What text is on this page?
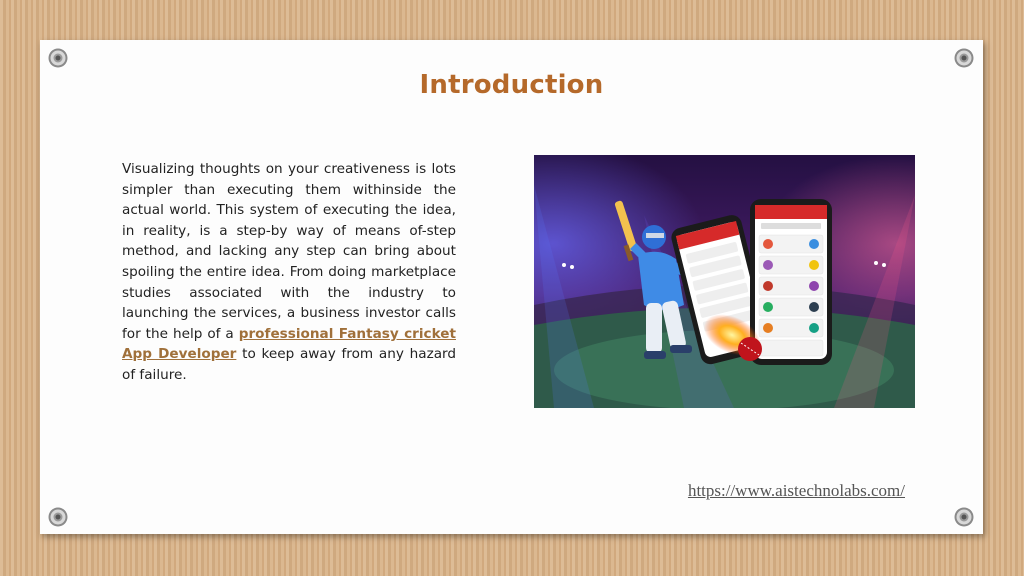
Introduction
Visualizing thoughts on your creativeness is lots simpler than executing them withinside the actual world. This system of executing the idea, in reality, is a step-by way of means of-step method, and lacking any step can bring about spoiling the entire idea. From doing marketplace studies associated with the industry to launching the services, a business investor calls for the help of a professional Fantasy cricket App Developer to keep away from any hazard of failure.
https://www.aistechnolabs.com/
